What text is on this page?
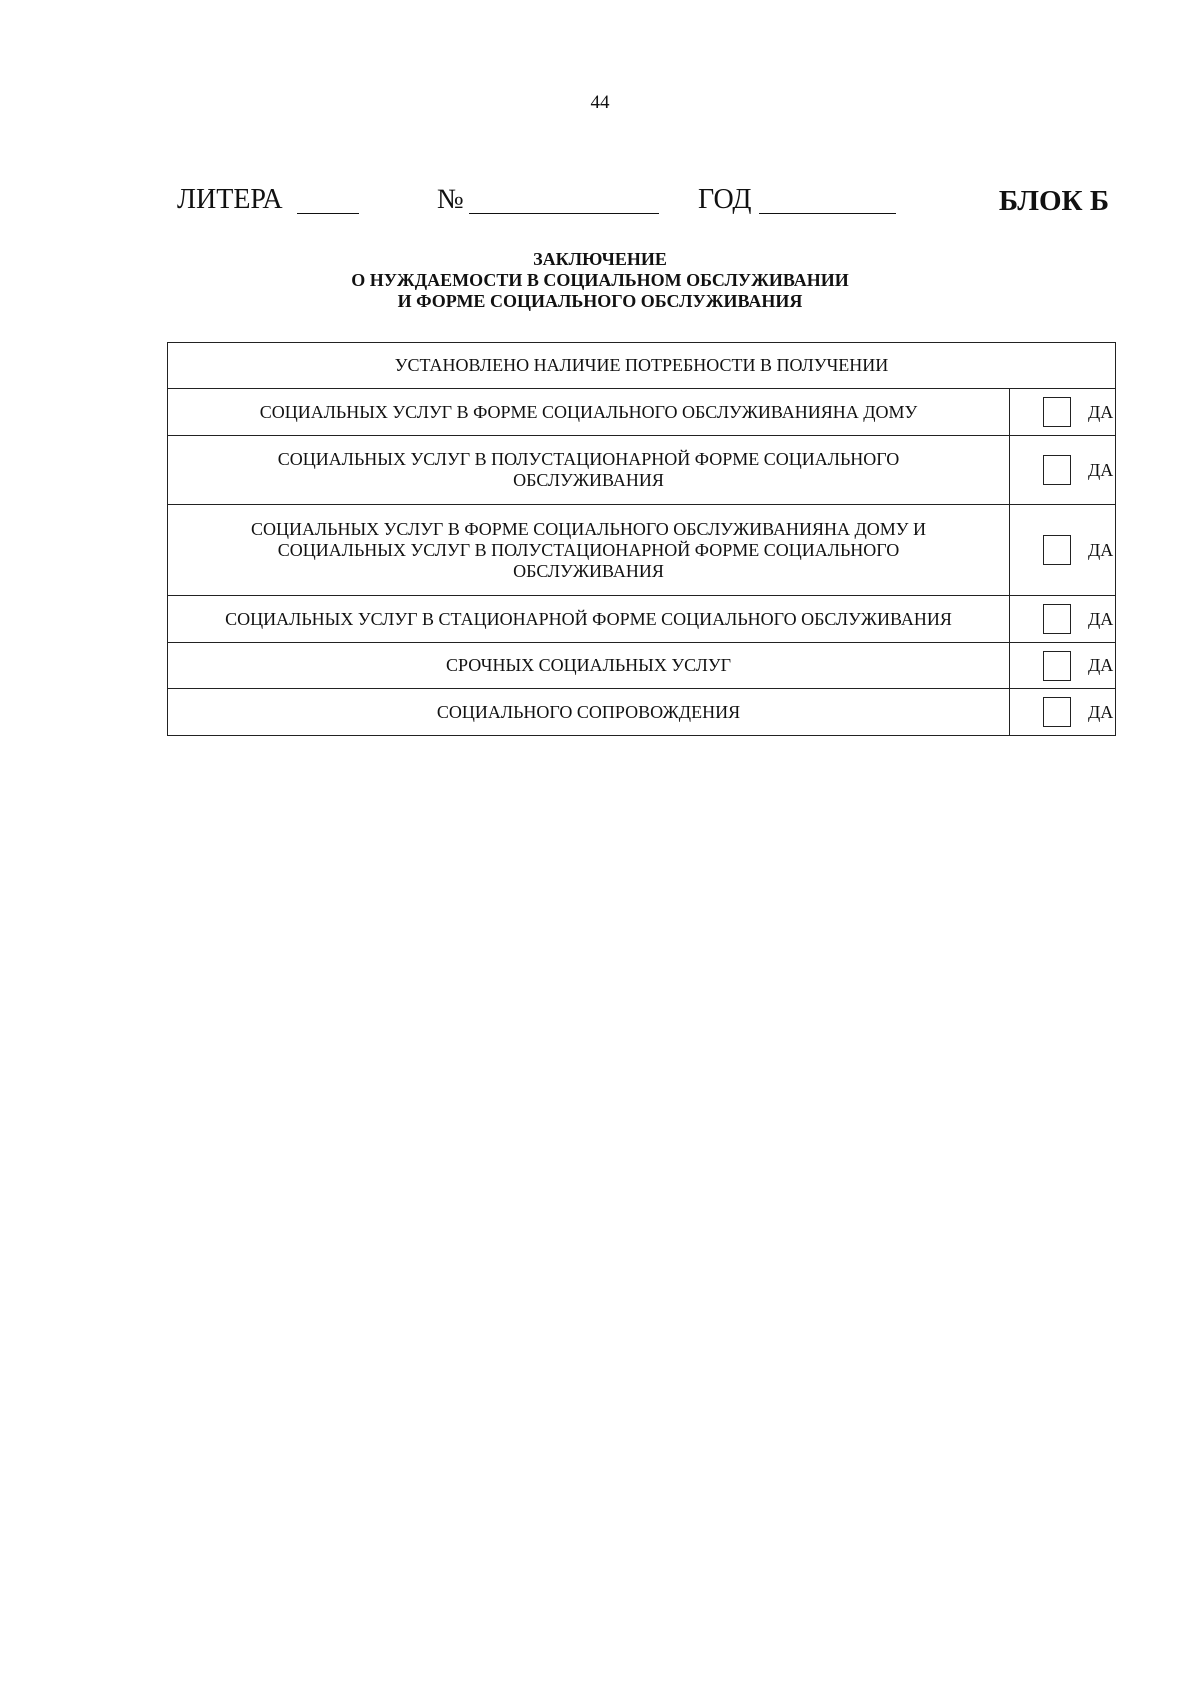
44
ЛИТЕРА	№	ГОД	БЛОК Б
ЗАКЛЮЧЕНИЕ
О НУЖДАЕМОСТИ В СОЦИАЛЬНОМ ОБСЛУЖИВАНИИ
И ФОРМЕ СОЦИАЛЬНОГО ОБСЛУЖИВАНИЯ
УСТАНОВЛЕНО НАЛИЧИЕ ПОТРЕБНОСТИ В ПОЛУЧЕНИИ	

СОЦИАЛЬНЫХ УСЛУГ В ФОРМЕ СОЦИАЛЬНОГО ОБСЛУЖИВАНИЯНА ДОМУ	ДА

СОЦИАЛЬНЫХ УСЛУГ В ПОЛУСТАЦИОНАРНОЙ ФОРМЕ СОЦИАЛЬНОГО
ОБСЛУЖИВАНИЯ	ДА

СОЦИАЛЬНЫХ УСЛУГ В ФОРМЕ СОЦИАЛЬНОГО ОБСЛУЖИВАНИЯНА ДОМУ И
СОЦИАЛЬНЫХ УСЛУГ В ПОЛУСТАЦИОНАРНОЙ ФОРМЕ СОЦИАЛЬНОГО
ОБСЛУЖИВАНИЯ	ДА

СОЦИАЛЬНЫХ УСЛУГ В СТАЦИОНАРНОЙ ФОРМЕ СОЦИАЛЬНОГО ОБСЛУЖИВАНИЯ	ДА

СРОЧНЫХ СОЦИАЛЬНЫХ УСЛУГ	ДА

СОЦИАЛЬНОГО СОПРОВОЖДЕНИЯ	ДА
